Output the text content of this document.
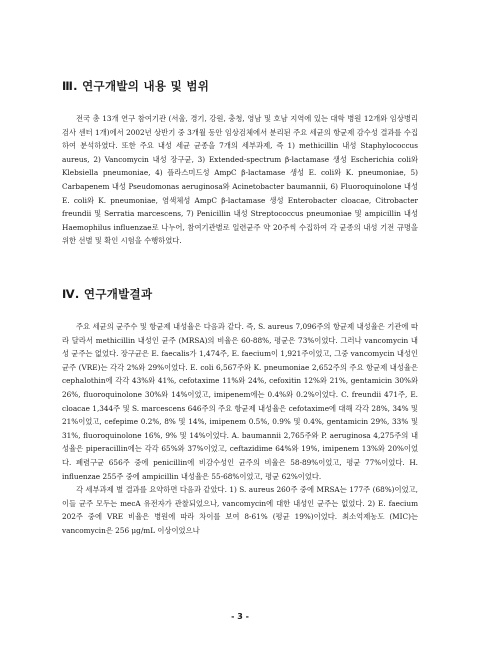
Ⅲ. 연구개발의 내용 및 범위

전국 총 13개 연구 참여기관 (서울, 경기, 강원, 충청, 영남 및 호남 지역에 있는 대학 병원 12개와 임상병리검사 센터 1개)에서 2002년 상반기 중 3개월 동안 임상검체에서 분리된 주요 세균의 항균제 감수성 결과를 수집하여 분석하였다. 또한 주요 내성 세균 균종을 7개의 세부과제, 즉 1) methicillin 내성 Staphylococcus aureus, 2) Vancomycin 내성 장구균, 3) Extended-spectrum β-lactamase 생성 Escherichia coli와 Klebsiella pneumoniae, 4) 플라스미드성 AmpC β-lactamase 생성 E. coli와 K. pneumoniae, 5) Carbapenem 내성 Pseudomonas aeruginosa와 Acinetobacter baumannii, 6) Fluoroquinolone 내성 E. coli와 K. pneumoniae, 염색체성 AmpC β-lactamase 생성 Enterobacter cloacae, Citrobacter freundii 및 Serratia marcescens, 7) Penicillin 내성 Streptococcus pneumoniae 및 ampicillin 내성 Haemophilus influenzae로 나누어, 참여기관별로 일련균주 약 20주씩 수집하여 각 균종의 내성 기전 규명을 위한 선별 및 확인 시험을 수행하였다.

Ⅳ. 연구개발결과

주요 세균의 균주수 및 항균제 내성율은 다음과 같다. 즉, S. aureus 7,096주의 항균제 내성율은 기관에 따라 달라서 methicillin 내성인 균주 (MRSA)의 비율은 60-88%, 평균은 73%이었다. 그러나 vancomycin 내성 균주는 없었다. 장구균은 E. faecalis가 1,474주, E. faecium이 1,921주이었고, 그중 vancomycin 내성인 균주 (VRE)는 각각 2%와 29%이었다. E. coli 6,567주와 K. pneumoniae 2,652주의 주요 항균제 내성율은 cephalothin에 각각 43%와 41%, cefotaxime 11%와 24%, cefoxitin 12%와 21%, gentamicin 30%와 26%, fluoroquinolone 30%와 14%이었고, imipenem에는 0.4%와 0.2%이었다. C. freundii 471주, E. cloacae 1,344주 및 S. marcescens 646주의 주요 항균제 내성율은 cefotaxime에 대해 각각 28%, 34% 및 21%이었고, cefepime 0.2%, 8% 및 14%, imipenem 0.5%, 0.9% 및 0.4%, gentamicin 29%, 33% 및 31%, fluoroquinolone 16%, 9% 및 14%이었다. A. baumannii 2,765주와 P. aeruginosa 4,275주의 내성율은 piperacillin에는 각각 65%와 37%이었고, ceftazidime 64%와 19%, imipenem 13%와 20%이었다. 폐렴구균 656주 중에 penicillin에 비감수성인 균주의 비율은 58-89%이었고, 평균 77%이었다. H. influenzae 255주 중에 ampicillin 내성율은 55-68%이었고, 평균 62%이었다.

각 세부과제 별 결과를 요약하면 다음과 같았다. 1) S. aureus 260주 중에 MRSA는 177주 (68%)이었고, 이들 균주 모두는 mecA 유전자가 관찰되었으나, vancomycin에 대한 내성인 균주는 없었다. 2) E. faecium 202주 중에 VRE 비율은 병원에 따라 차이를 보여 8-61% (평균 19%)이었다. 최소억제농도 (MIC)는 vancomycin은 256 μg/mL 이상이었으나

- 3 -
